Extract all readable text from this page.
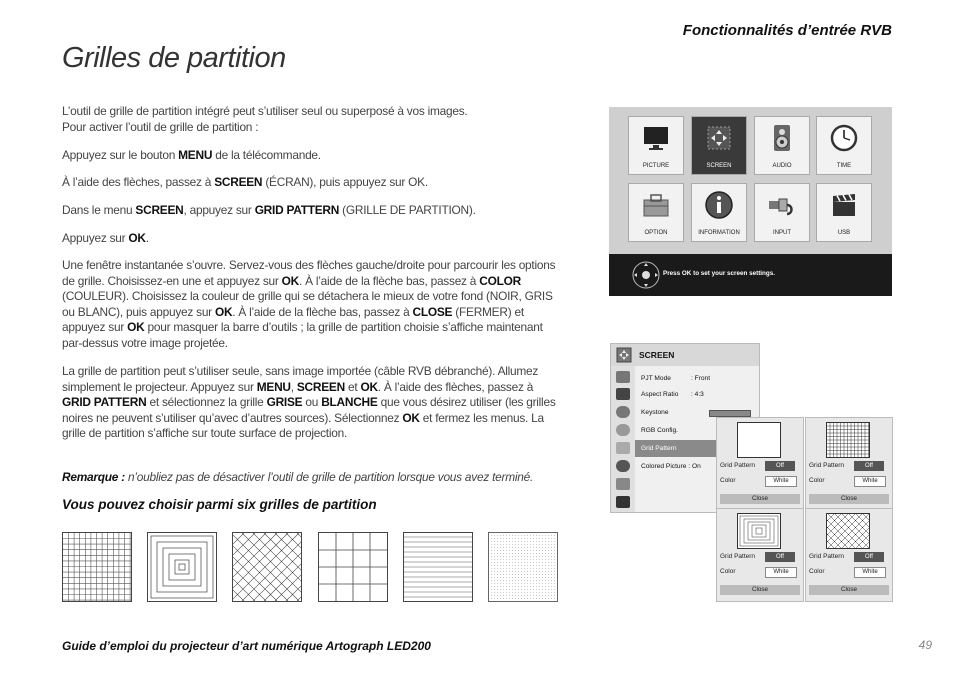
Fonctionnalités d’entrée RVB
Grilles de partition

L’outil de grille de partition intégré peut s’utiliser seul ou superposé à vos images.

Pour activer l’outil de grille de partition :

Appuyez sur le bouton MENU de la télécommande.
À l’aide des flèches, passez à SCREEN (ÉCRAN), puis appuyez sur OK.
Dans le menu SCREEN, appuyez sur GRID PATTERN (GRILLE DE PARTITION).
Appuyez sur OK.
Une fenêtre instantanée s’ouvre. Servez-vous des flèches gauche/droite pour parcourir les options de grille. Choisissez-en une et appuyez sur OK. À l’aide de la flèche bas, passez à COLOR (COULEUR). Choisissez la couleur de grille qui se détachera le mieux de votre fond (NOIR, GRIS ou BLANC), puis appuyez sur OK. À l’aide de la flèche bas, passez à CLOSE (FERMER) et appuyez sur OK pour masquer la barre d’outils ; la grille de partition choisie s’affiche maintenant par-dessus votre image projetée.
La grille de partition peut s’utiliser seule, sans image importée (câble RVB débranché). Allumez simplement le projecteur. Appuyez sur MENU, SCREEN et OK. À l’aide des flèches, passez à GRID PATTERN et sélectionnez la grille GRISE ou BLANCHE que vous désirez utiliser (les grilles noires ne peuvent s’utiliser qu’avec d’autres sources). Sélectionnez OK et fermez les menus. La grille de partition s’affiche sur toute surface de projection.
Remarque : n’oubliez pas de désactiver l’outil de grille de partition lorsque vous avez terminé.
Vous pouvez choisir parmi six grilles de partition
PICTURE	SCREEN	AUDIO	TIME
OPTION	INFORMATION	INPUT	USB
Press OK to set your screen settings.
SCREEN
PJT Mode	: Front
Aspect Ratio : 4:3
Keystone
RGB Config.
Grid Pattern
Colored Picture : On	Grid Pattern	Off
Color	White
Close
Grid Pattern	Off
Color	White
Close
Grid Pattern	Off
Color	White
Close
Grid Pattern	Off
Color	White
Close
Guide d’emploi du projecteur d’art numérique Artograph LED200	49
